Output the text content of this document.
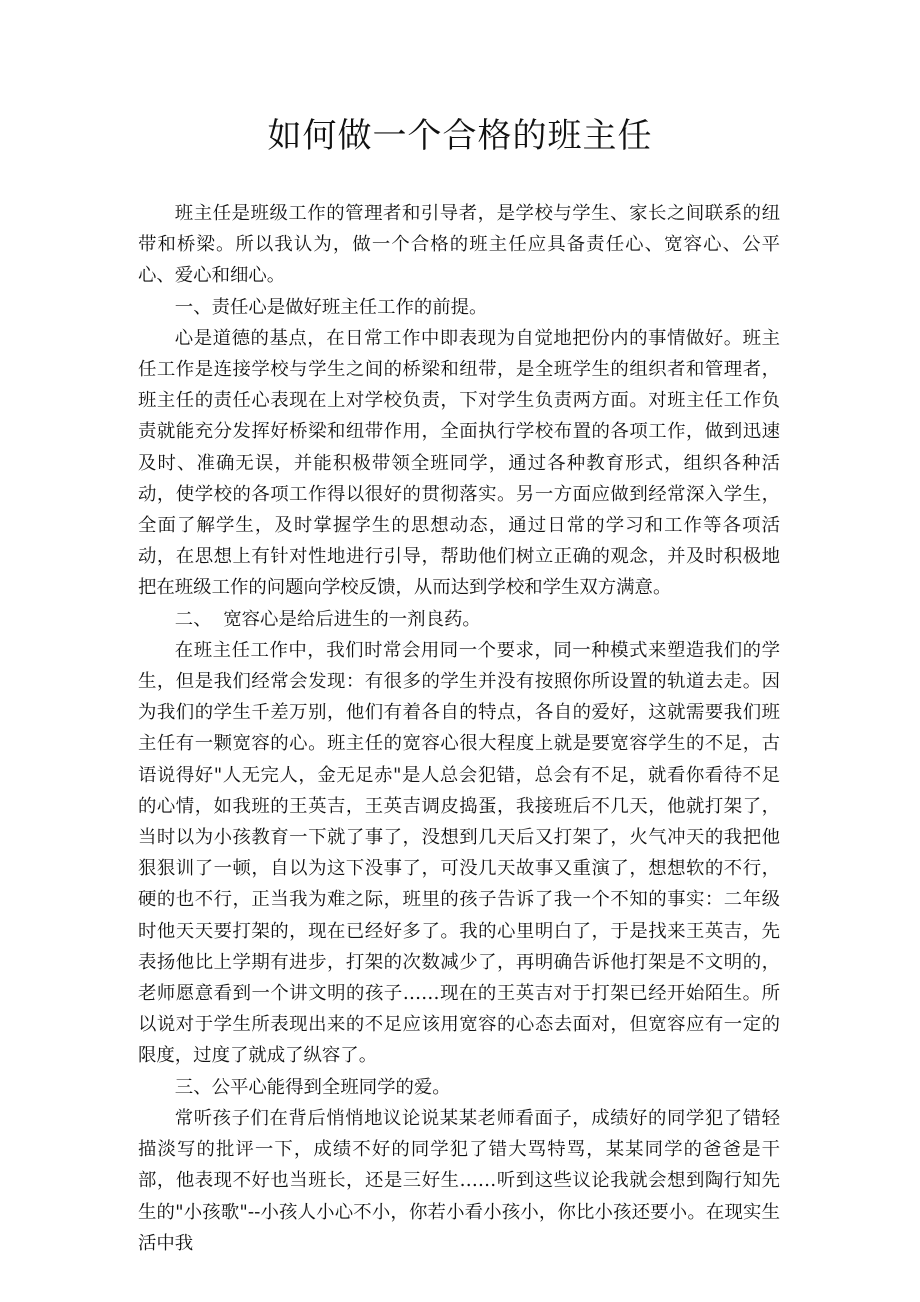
如何做一个合格的班主任

班主任是班级工作的管理者和引导者，是学校与学生、家长之间联系的纽带和桥梁。所以我认为，做一个合格的班主任应具备责任心、宽容心、公平心、爱心和细心。

一、责任心是做好班主任工作的前提。

心是道德的基点，在日常工作中即表现为自觉地把份内的事情做好。班主任工作是连接学校与学生之间的桥梁和纽带，是全班学生的组织者和管理者，班主任的责任心表现在上对学校负责，下对学生负责两方面。对班主任工作负责就能充分发挥好桥梁和纽带作用，全面执行学校布置的各项工作，做到迅速及时、准确无误，并能积极带领全班同学，通过各种教育形式，组织各种活动，使学校的各项工作得以很好的贯彻落实。另一方面应做到经常深入学生，全面了解学生，及时掌握学生的思想动态，通过日常的学习和工作等各项活动，在思想上有针对性地进行引导，帮助他们树立正确的观念，并及时积极地把在班级工作的问题向学校反馈，从而达到学校和学生双方满意。

二、  宽容心是给后进生的一剂良药。

在班主任工作中，我们时常会用同一个要求，同一种模式来塑造我们的学生，但是我们经常会发现：有很多的学生并没有按照你所设置的轨道去走。因为我们的学生千差万别，他们有着各自的特点，各自的爱好，这就需要我们班主任有一颗宽容的心。班主任的宽容心很大程度上就是要宽容学生的不足，古语说得好"人无完人，金无足赤"是人总会犯错，总会有不足，就看你看待不足的心情，如我班的王英吉，王英吉调皮捣蛋，我接班后不几天，他就打架了，当时以为小孩教育一下就了事了，没想到几天后又打架了，火气冲天的我把他狠狠训了一顿，自以为这下没事了，可没几天故事又重演了，想想软的不行，硬的也不行，正当我为难之际，班里的孩子告诉了我一个不知的事实：二年级时他天天要打架的，现在已经好多了。我的心里明白了，于是找来王英吉，先表扬他比上学期有进步，打架的次数减少了，再明确告诉他打架是不文明的，老师愿意看到一个讲文明的孩子……现在的王英吉对于打架已经开始陌生。所以说对于学生所表现出来的不足应该用宽容的心态去面对，但宽容应有一定的限度，过度了就成了纵容了。

三、公平心能得到全班同学的爱。

常听孩子们在背后悄悄地议论说某某老师看面子，成绩好的同学犯了错轻描淡写的批评一下，成绩不好的同学犯了错大骂特骂，某某同学的爸爸是干部，他表现不好也当班长，还是三好生……听到这些议论我就会想到陶行知先生的"小孩歌"--小孩人小心不小，你若小看小孩小，你比小孩还要小。在现实生活中我
